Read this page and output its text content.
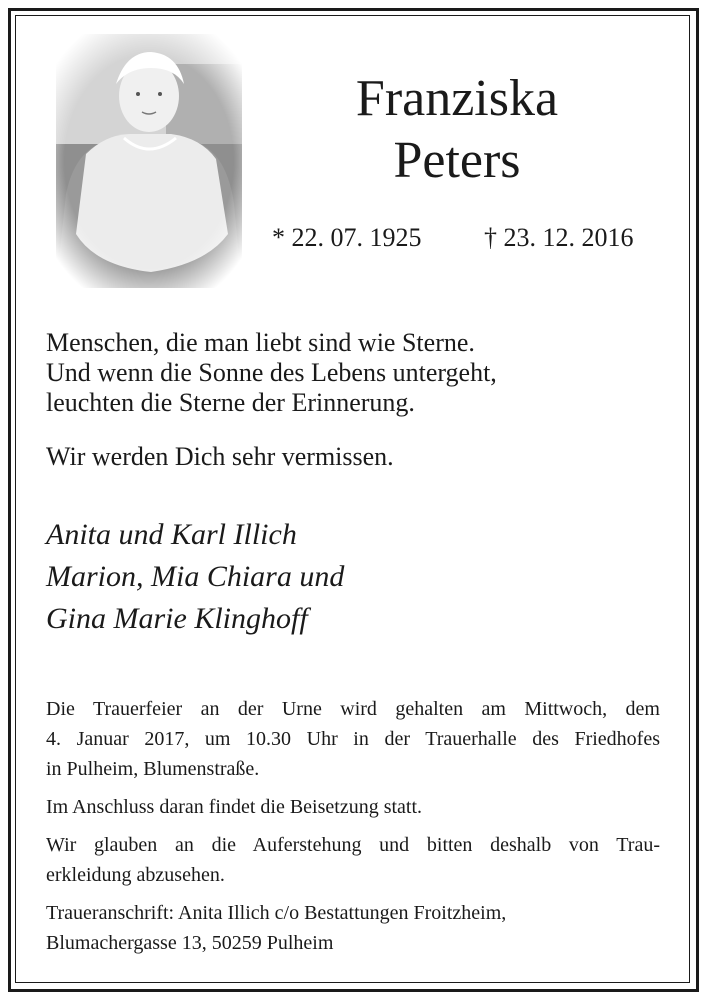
Franziska
Peters
* 22. 07. 1925 † 23. 12. 2016

Menschen, die man liebt sind wie Sterne.
Und wenn die Sonne des Lebens untergeht,
leuchten die Sterne der Erinnerung.

Wir werden Dich sehr vermissen.

Anita und Karl Illich
Marion, Mia Chiara und
Gina Marie Klinghoff

Die Trauerfeier an der Urne wird gehalten am Mittwoch, dem
4. Januar 2017, um 10.30 Uhr in der Trauerhalle des Friedhofes
in Pulheim, Blumenstraße.

Im Anschluss daran findet die Beisetzung statt.

Wir glauben an die Auferstehung und bitten deshalb von Trau-
erkleidung abzusehen.

Traueranschrift: Anita Illich c/o Bestattungen Froitzheim,
Blumachergasse 13, 50259 Pulheim
